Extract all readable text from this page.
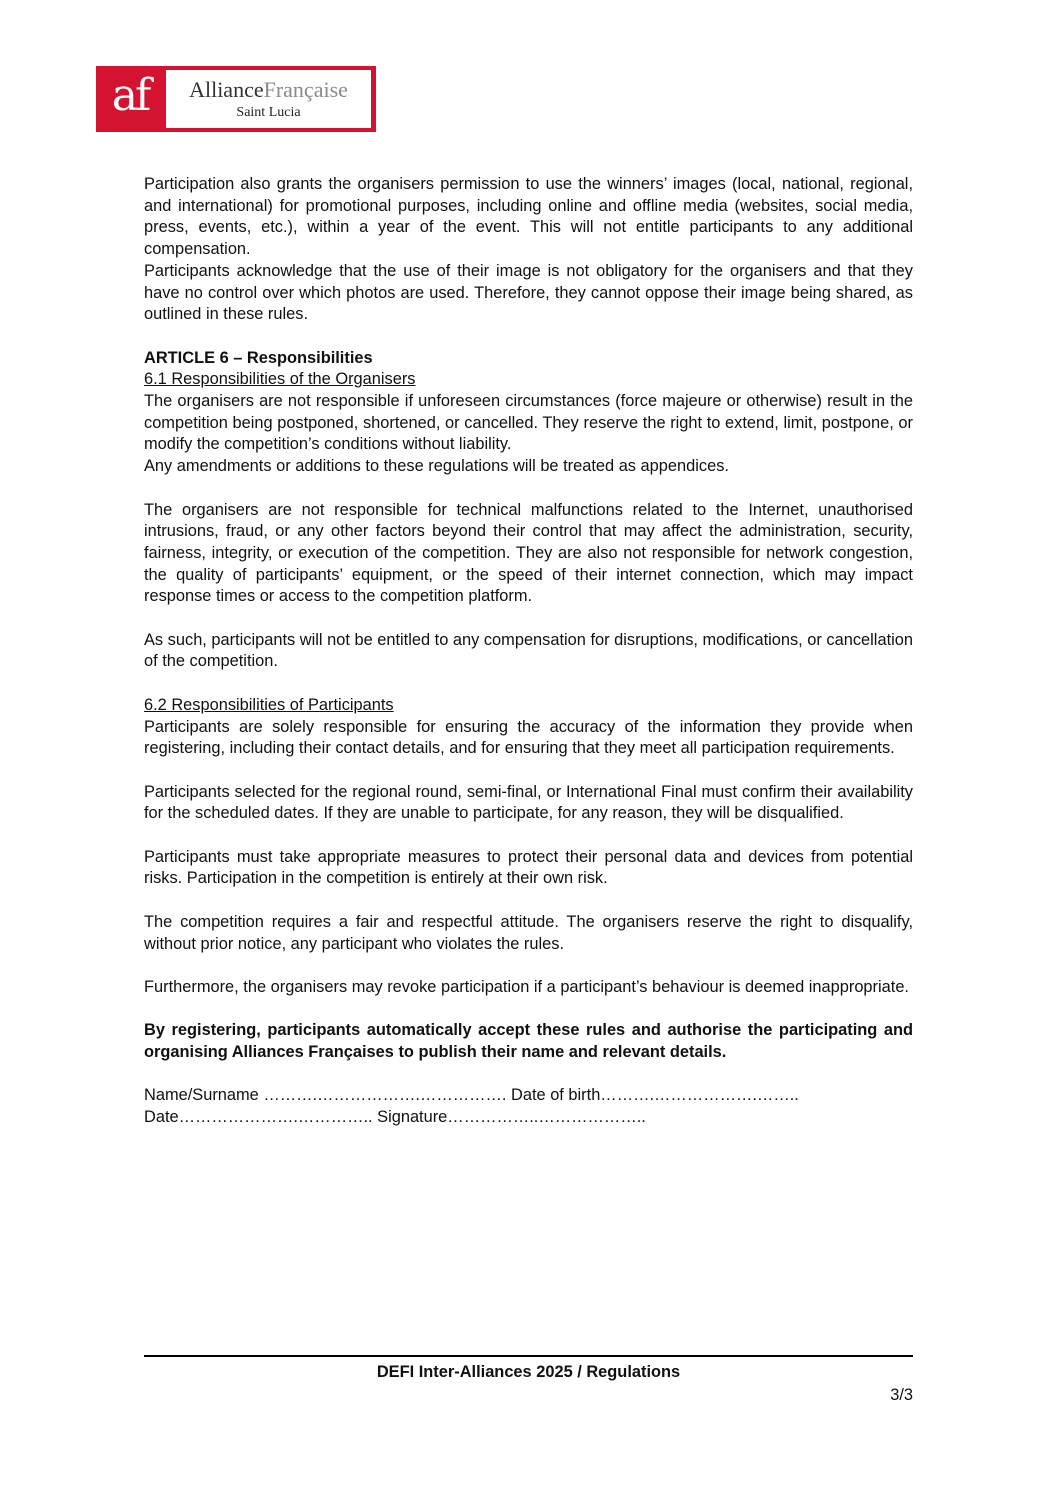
af	AllianceFrançaise
Saint Lucia

Participation also grants the organisers permission to use the winners’ images (local, national, regional, and international) for promotional purposes, including online and offline media (websites, social media, press, events, etc.), within a year of the event. This will not entitle participants to any additional compensation.

Participants acknowledge that the use of their image is not obligatory for the organisers and that they have no control over which photos are used. Therefore, they cannot oppose their image being shared, as outlined in these rules.

ARTICLE 6 – Responsibilities

6.1 Responsibilities of the Organisers

The organisers are not responsible if unforeseen circumstances (force majeure or otherwise) result in the competition being postponed, shortened, or cancelled. They reserve the right to extend, limit, postpone, or modify the competition’s conditions without liability.

Any amendments or additions to these regulations will be treated as appendices.

The organisers are not responsible for technical malfunctions related to the Internet, unauthorised intrusions, fraud, or any other factors beyond their control that may affect the administration, security, fairness, integrity, or execution of the competition. They are also not responsible for network congestion, the quality of participants’ equipment, or the speed of their internet connection, which may impact response times or access to the competition platform.

As such, participants will not be entitled to any compensation for disruptions, modifications, or cancellation of the competition.

6.2 Responsibilities of Participants

Participants are solely responsible for ensuring the accuracy of the information they provide when registering, including their contact details, and for ensuring that they meet all participation requirements.

Participants selected for the regional round, semi-final, or International Final must confirm their availability for the scheduled dates. If they are unable to participate, for any reason, they will be disqualified.

Participants must take appropriate measures to protect their personal data and devices from potential risks. Participation in the competition is entirely at their own risk.

The competition requires a fair and respectful attitude. The organisers reserve the right to disqualify, without prior notice, any participant who violates the rules.

Furthermore, the organisers may revoke participation if a participant’s behaviour is deemed inappropriate.

By registering, participants automatically accept these rules and authorise the participating and organising Alliances Françaises to publish their name and relevant details.

Name/Surname ……….……………….……………. Date of birth……….……………….……..

Date………………….………….. Signature……………..………………..

DEFI Inter-Alliances 2025 / Regulations
3/3
